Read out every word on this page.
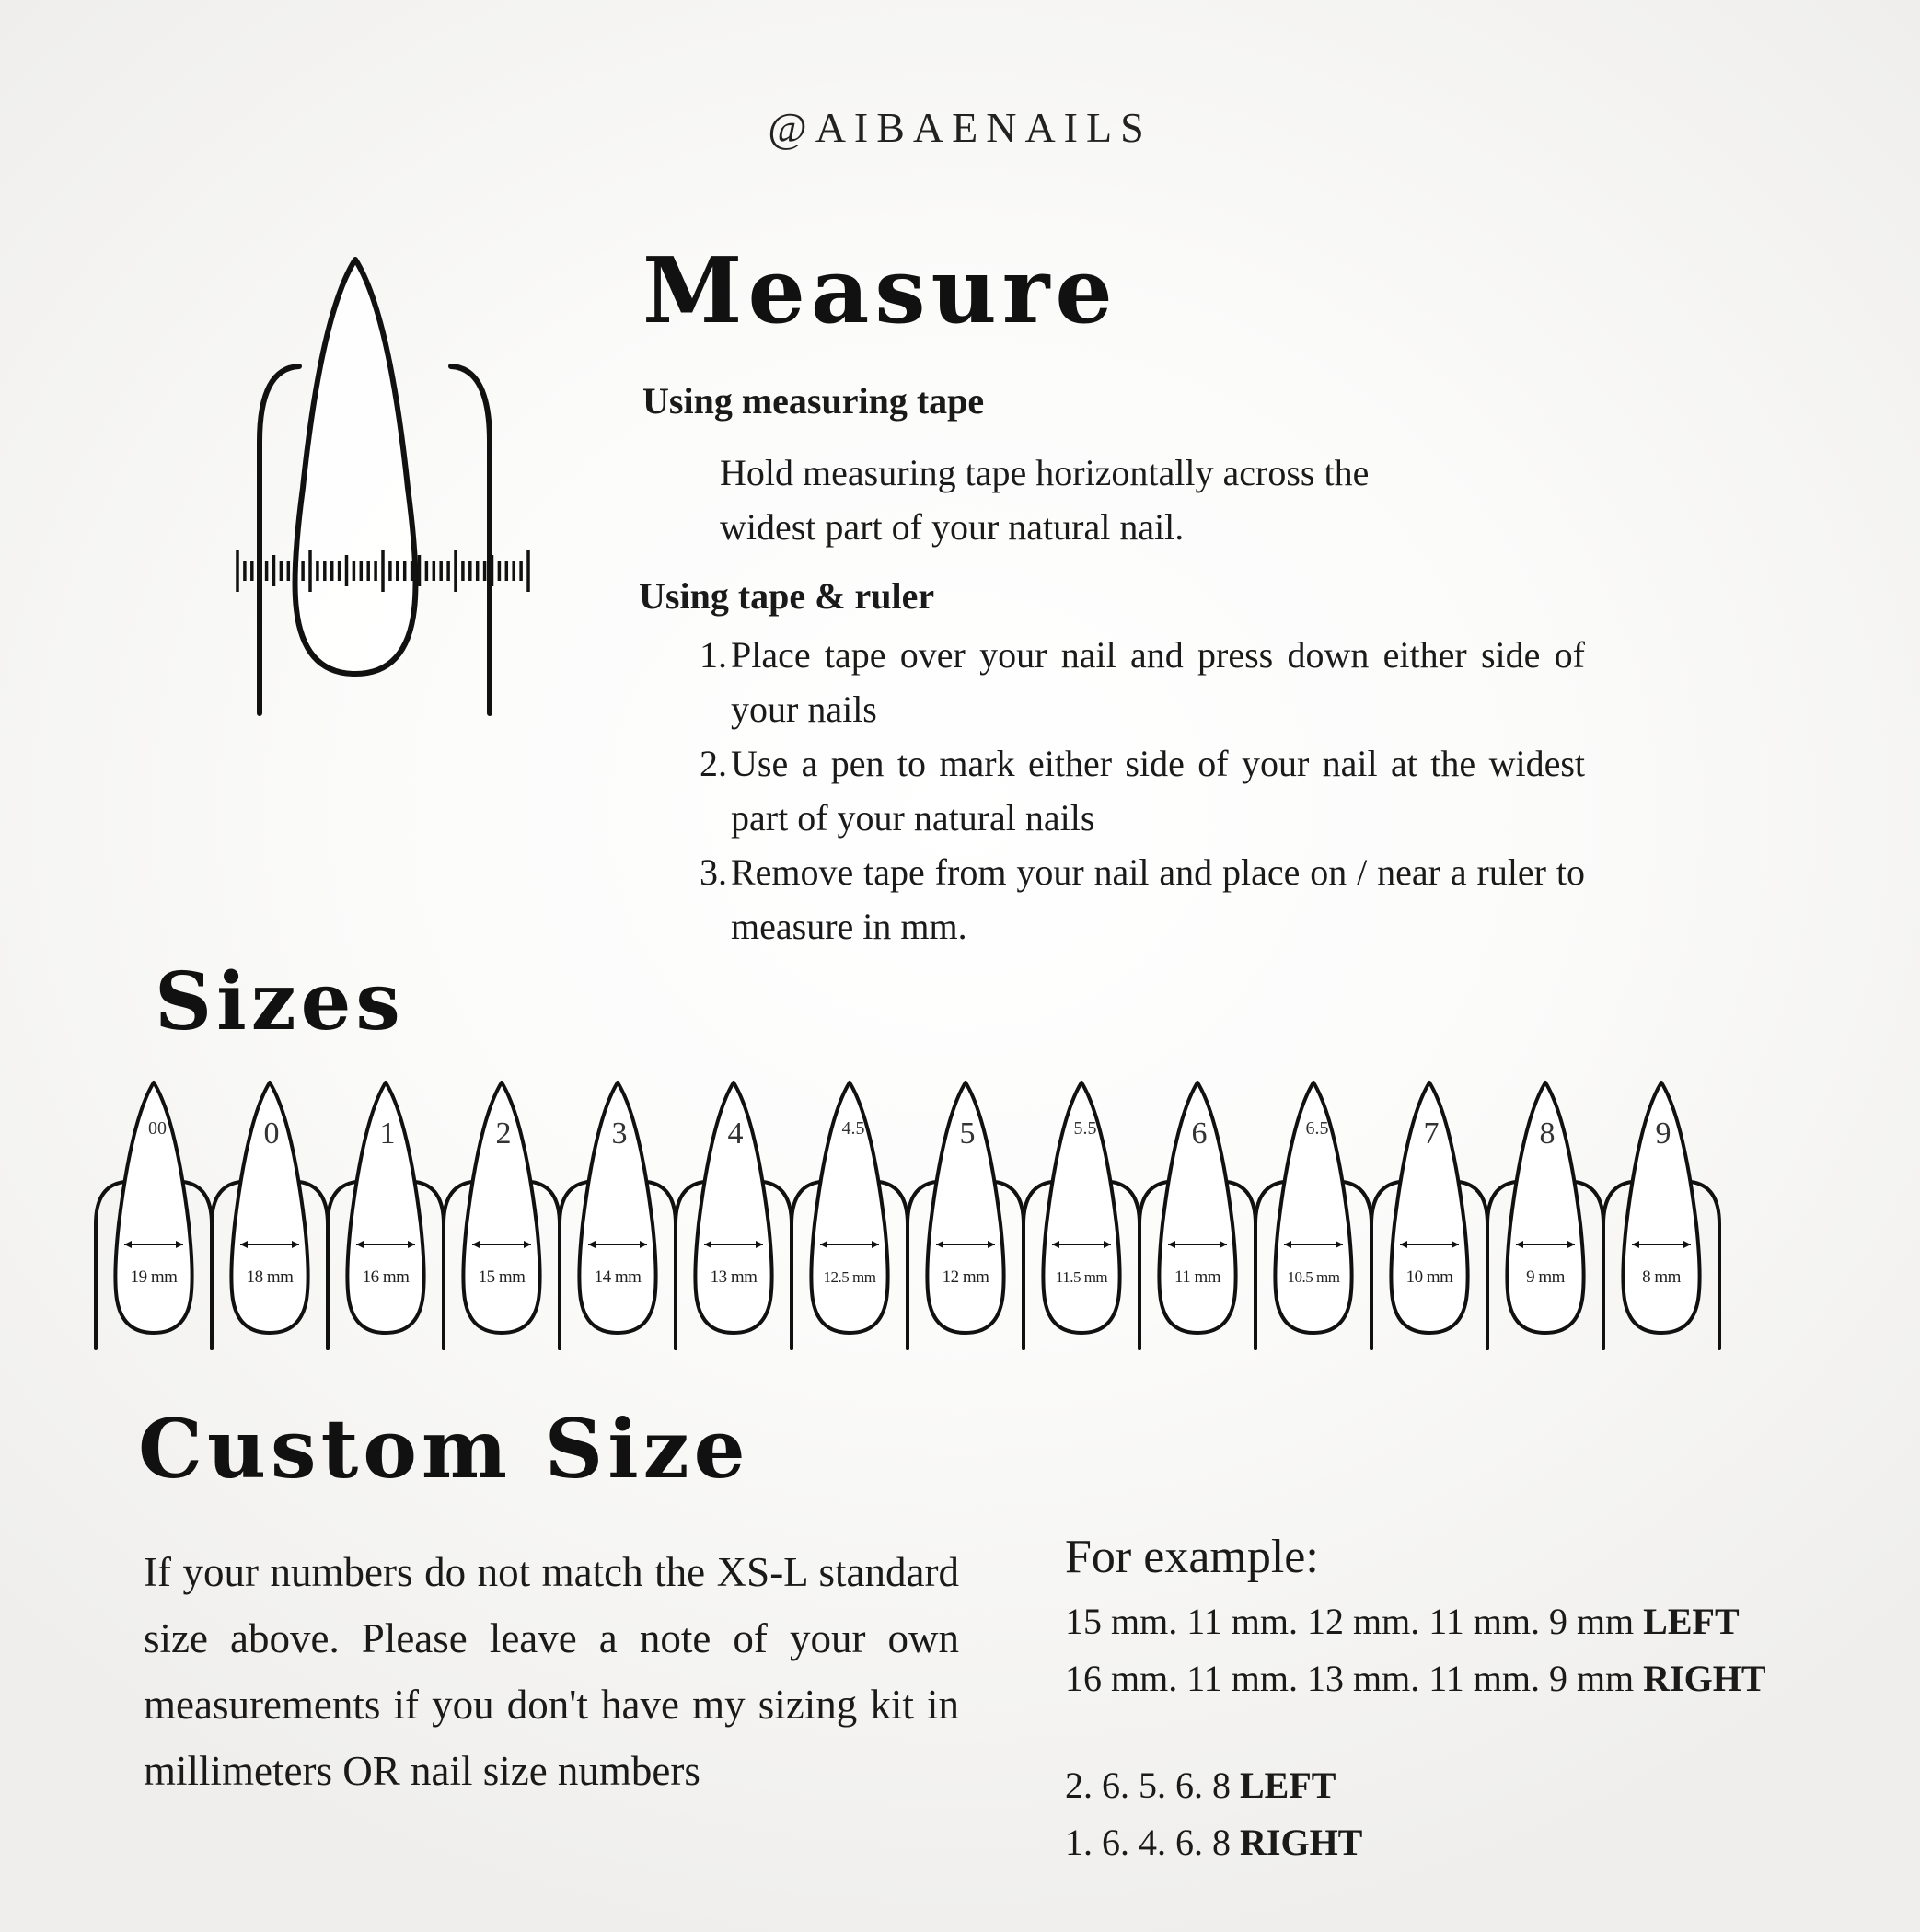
@AIBAENAILS
Measure
Using measuring tape
Hold measuring tape horizontally across the
widest part of your natural nail.
Using tape & ruler
1. Place tape over your nail and press down either side of your nails
2. Use a pen to mark either side of your nail at the widest part of your natural nails
3. Remove tape from your nail and place on / near a ruler to measure in mm.
Sizes
00
19 mm
0
18 mm
1
16 mm
2
15 mm
3
14 mm
4
13 mm
4.5
12.5 mm
5
12 mm
5.5
11.5 mm
6
11 mm
6.5
10.5 mm
7
10 mm
8
9 mm
9
8 mm
Custom Size
If your numbers do not match the XS-L standard size above. Please leave a note of your own measurements if you don't have my sizing kit in millimeters OR nail size numbers
For example:
15 mm. 11 mm. 12 mm. 11 mm. 9 mm LEFT
16 mm. 11 mm. 13 mm. 11 mm. 9 mm RIGHT
2. 6. 5. 6. 8 LEFT
1. 6. 4. 6. 8 RIGHT
